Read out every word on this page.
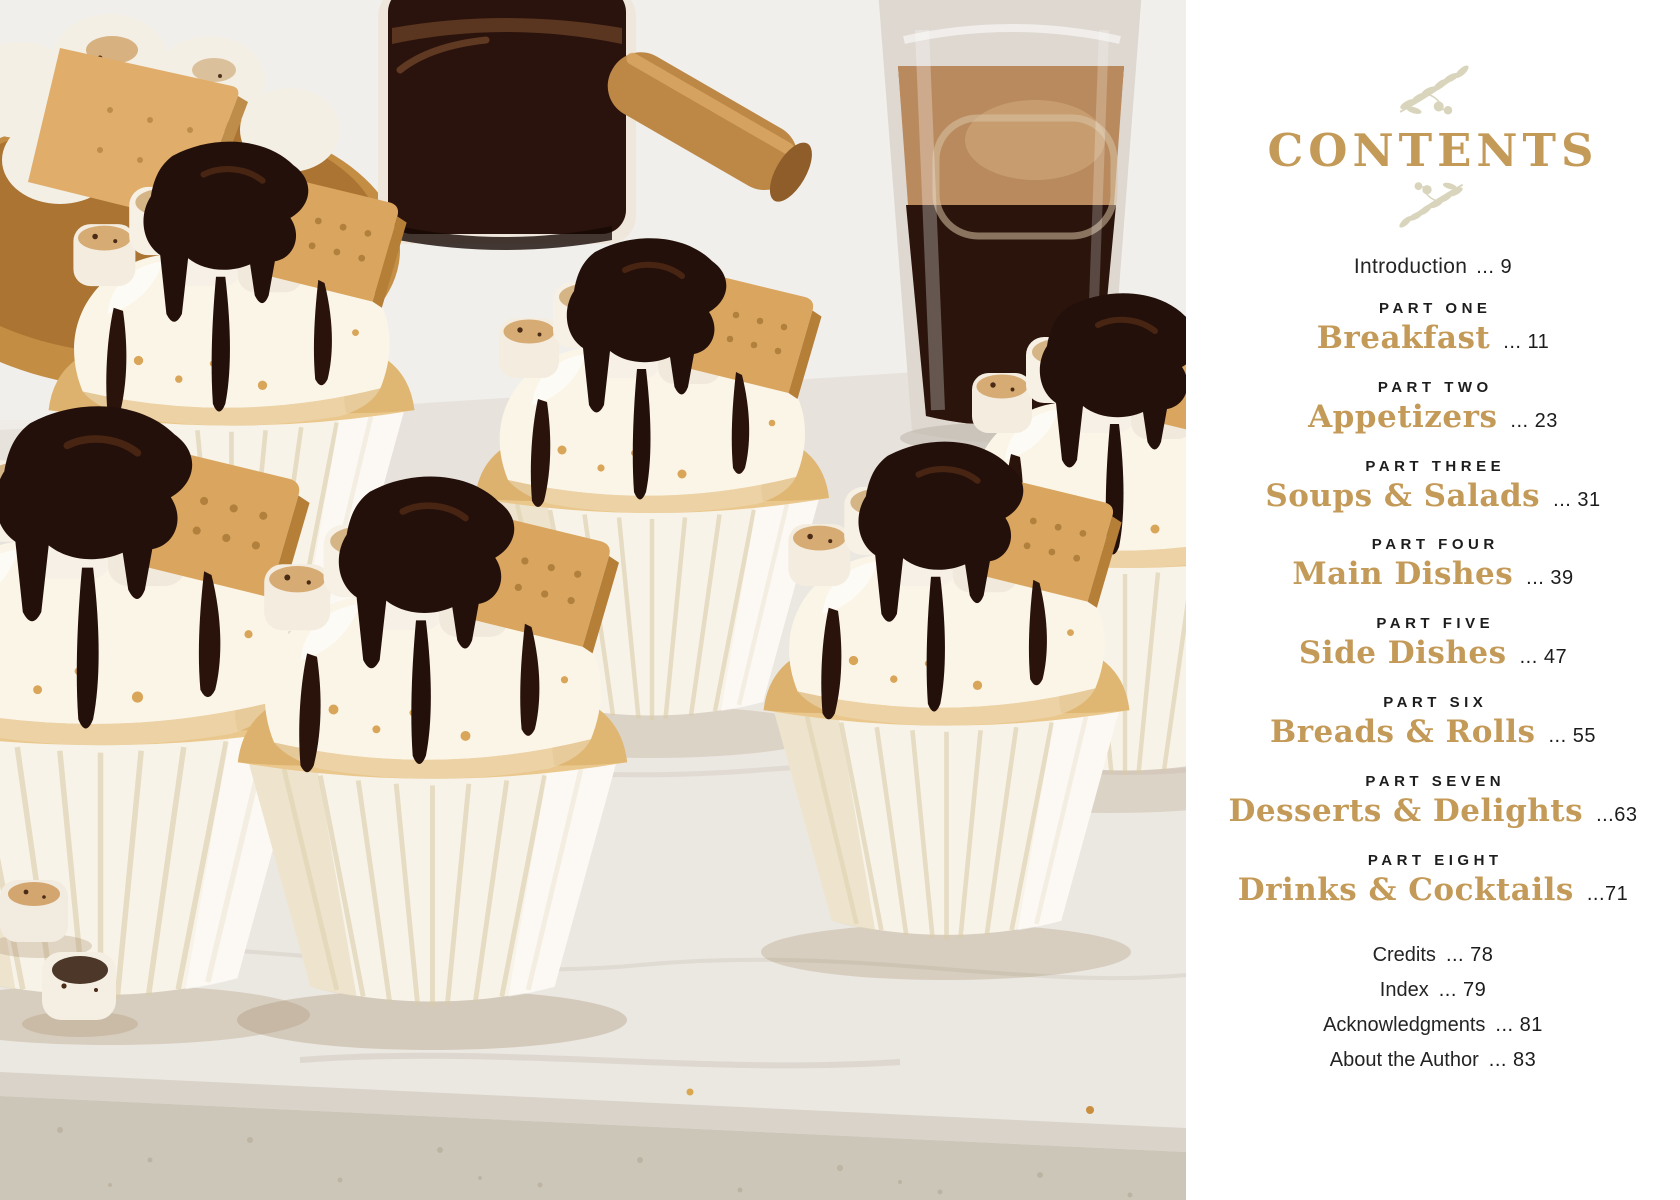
CONTENTS
Introduction ... 9
PART ONE
Breakfast ... 11
PART TWO
Appetizers ... 23
PART THREE
Soups & Salads ... 31
PART FOUR
Main Dishes ... 39
PART FIVE
Side Dishes ... 47
PART SIX
Breads & Rolls ... 55
PART SEVEN
Desserts & Delights ...63
PART EIGHT
Drinks & Cocktails ...71
Credits ... 78
Index ... 79
Acknowledgments ... 81
About the Author ... 83
